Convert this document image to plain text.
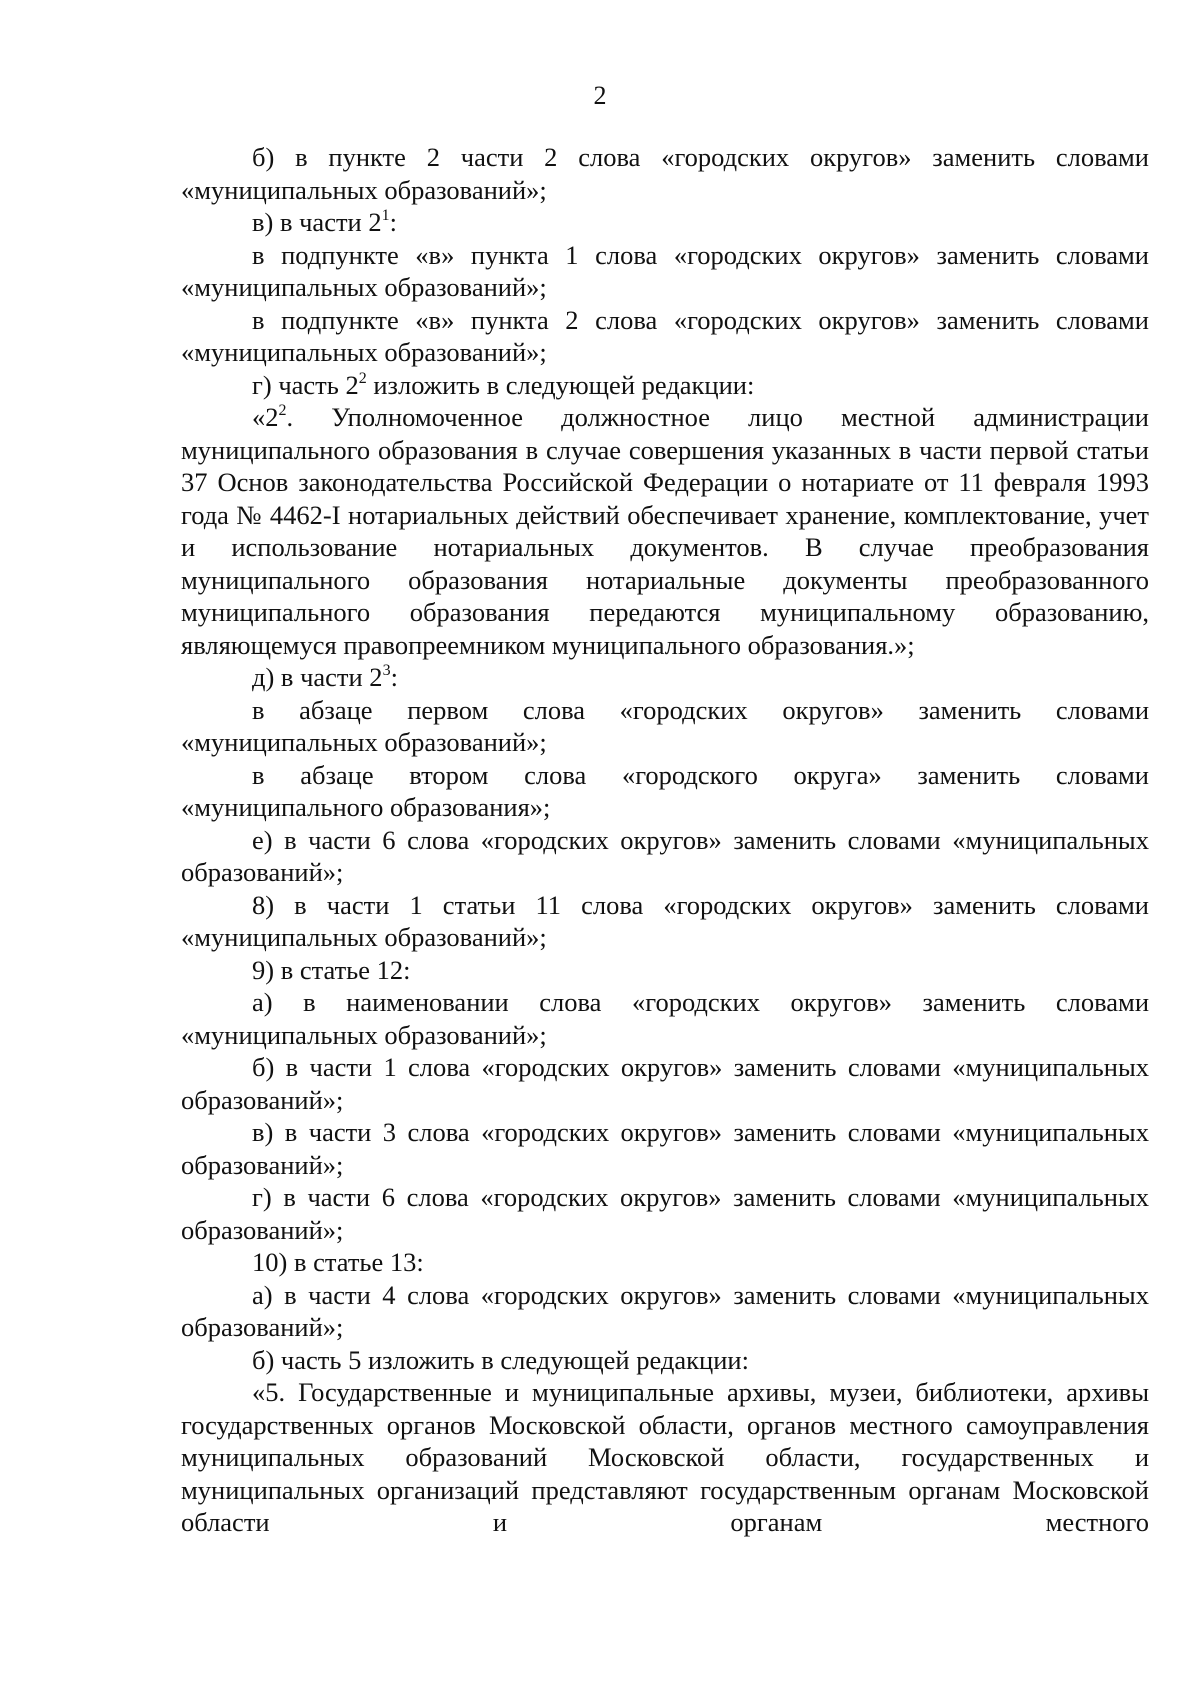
2

б) в пункте 2 части 2 слова «городских округов» заменить словами «муниципальных образований»;

в) в части $2^1$:

в подпункте «в» пункта 1 слова «городских округов» заменить словами «муниципальных образований»;

в подпункте «в» пункта 2 слова «городских округов» заменить словами «муниципальных образований»;

г) часть $2^2$ изложить в следующей редакции:

«$2^2$. Уполномоченное должностное лицо местной администрации муниципального образования в случае совершения указанных в части первой статьи 37 Основ законодательства Российской Федерации о нотариате от 11 февраля 1993 года № 4462-I нотариальных действий обеспечивает хранение, комплектование, учет и использование нотариальных документов. В случае преобразования муниципального образования нотариальные документы преобразованного муниципального образования передаются муниципальному образованию, являющемуся правопреемником муниципального образования.»;

д) в части $2^3$:

в абзаце первом слова «городских округов» заменить словами «муниципальных образований»;

в абзаце втором слова «городского округа» заменить словами «муниципального образования»;

е) в части 6 слова «городских округов» заменить словами «муниципальных образований»;

8) в части 1 статьи 11 слова «городских округов» заменить словами «муниципальных образований»;

9) в статье 12:

а) в наименовании слова «городских округов» заменить словами «муниципальных образований»;

б) в части 1 слова «городских округов» заменить словами «муниципальных образований»;

в) в части 3 слова «городских округов» заменить словами «муниципальных образований»;

г) в части 6 слова «городских округов» заменить словами «муниципальных образований»;

10) в статье 13:

а) в части 4 слова «городских округов» заменить словами «муниципальных образований»;

б) часть 5 изложить в следующей редакции:

«5. Государственные и муниципальные архивы, музеи, библиотеки, архивы государственных органов Московской области, органов местного самоуправления муниципальных образований Московской области, государственных и муниципальных организаций представляют государственным органам Московской области и органам местного
